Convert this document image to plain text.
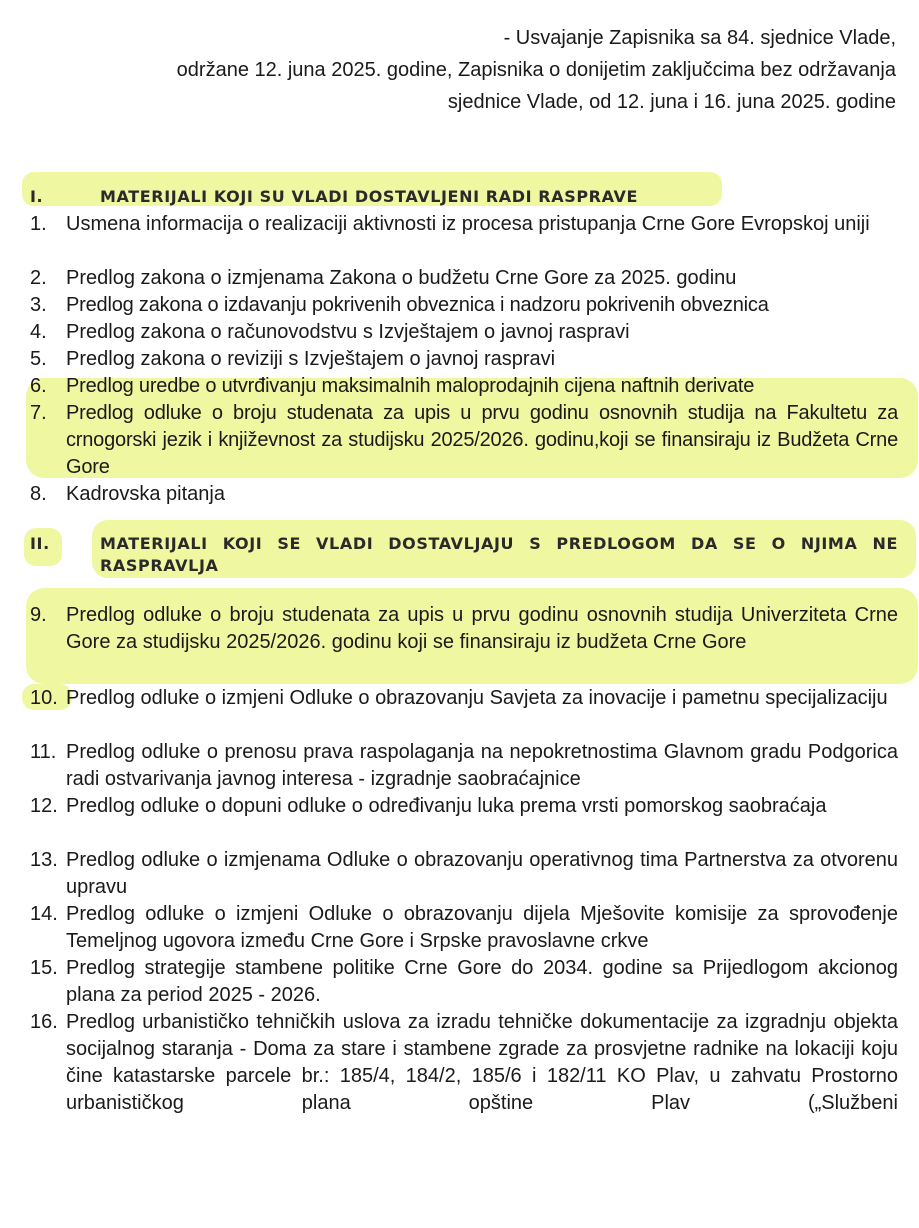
- Usvajanje Zapisnika sa 84. sjednice Vlade,
održane 12. juna 2025. godine, Zapisnika o donijetim zaključcima bez održavanja
sjednice Vlade, od 12. juna i 16. juna 2025. godine
I.	MATERIJALI KOJI SU VLADI DOSTAVLJENI RADI RASPRAVE
1. Usmena informacija o realizaciji aktivnosti iz procesa pristupanja Crne Gore Evropskoj uniji
2. Predlog zakona o izmjenama Zakona o budžetu Crne Gore za 2025. godinu
3. Predlog zakona o izdavanju pokrivenih obveznica i nadzoru pokrivenih obveznica
4. Predlog zakona o računovodstvu s Izvještajem o javnoj raspravi
5. Predlog zakona o reviziji s Izvještajem o javnoj raspravi
6. Predlog uredbe o utvrđivanju maksimalnih maloprodajnih cijena naftnih derivate
7. Predlog odluke o broju studenata za upis u prvu godinu osnovnih studija na Fakultetu za crnogorski jezik i književnost za studijsku 2025/2026. godinu,koji se finansiraju iz Budžeta Crne Gore
8. Kadrovska pitanja
II.	MATERIJALI KOJI SE VLADI DOSTAVLJAJU S PREDLOGOM DA SE O NJIMA NE RASPRAVLJA
9. Predlog odluke o broju studenata za upis u prvu godinu osnovnih studija Univerziteta Crne Gore za studijsku 2025/2026. godinu koji se finansiraju iz budžeta Crne Gore
10. Predlog odluke o izmjeni Odluke o obrazovanju Savjeta za inovacije i pametnu specijalizaciju
11. Predlog odluke o prenosu prava raspolaganja na nepokretnostima Glavnom gradu Podgorica radi ostvarivanja javnog interesa - izgradnje saobraćajnice
12. Predlog odluke o dopuni odluke o određivanju luka prema vrsti pomorskog saobraćaja
13. Predlog odluke o izmjenama Odluke o obrazovanju operativnog tima Partnerstva za otvorenu upravu
14. Predlog odluke o izmjeni Odluke o obrazovanju dijela Mješovite komisije za sprovođenje Temeljnog ugovora između Crne Gore i Srpske pravoslavne crkve
15. Predlog strategije stambene politike Crne Gore do 2034. godine sa Prijedlogom akcionog plana za period 2025 - 2026.
16. Predlog urbanističko tehničkih uslova za izradu tehničke dokumentacije za izgradnju objekta socijalnog staranja - Doma za stare i stambene zgrade za prosvjetne radnike na lokaciji koju čine katastarske parcele br.: 185/4, 184/2, 185/6 i 182/11 KO Plav, u zahvatu Prostorno urbanističkog plana opštine Plav („Službeni
